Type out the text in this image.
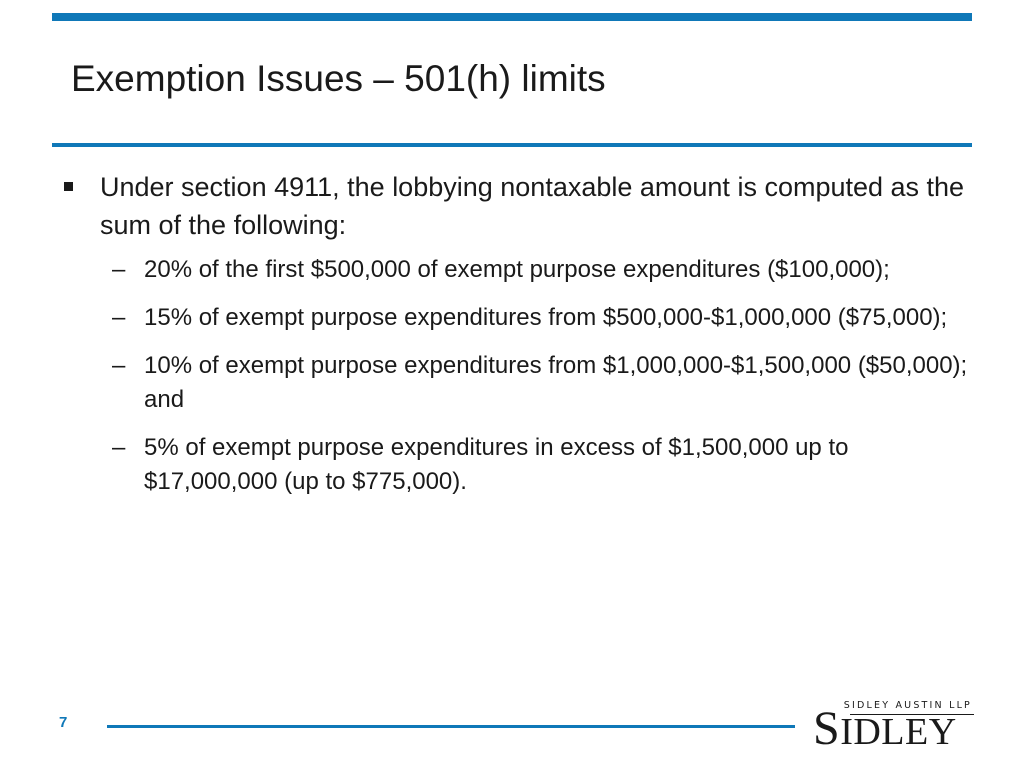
Exemption Issues – 501(h) limits
Under section 4911, the lobbying nontaxable amount is computed as the sum of the following:
– 20% of the first $500,000 of exempt purpose expenditures ($100,000);
– 15% of exempt purpose expenditures from $500,000-$1,000,000 ($75,000);
– 10% of exempt purpose expenditures from $1,000,000-$1,500,000 ($50,000); and
– 5% of exempt purpose expenditures in excess of $1,500,000 up to $17,000,000 (up to $775,000).
7
SIDLEY AUSTIN LLP
SIDLEY
